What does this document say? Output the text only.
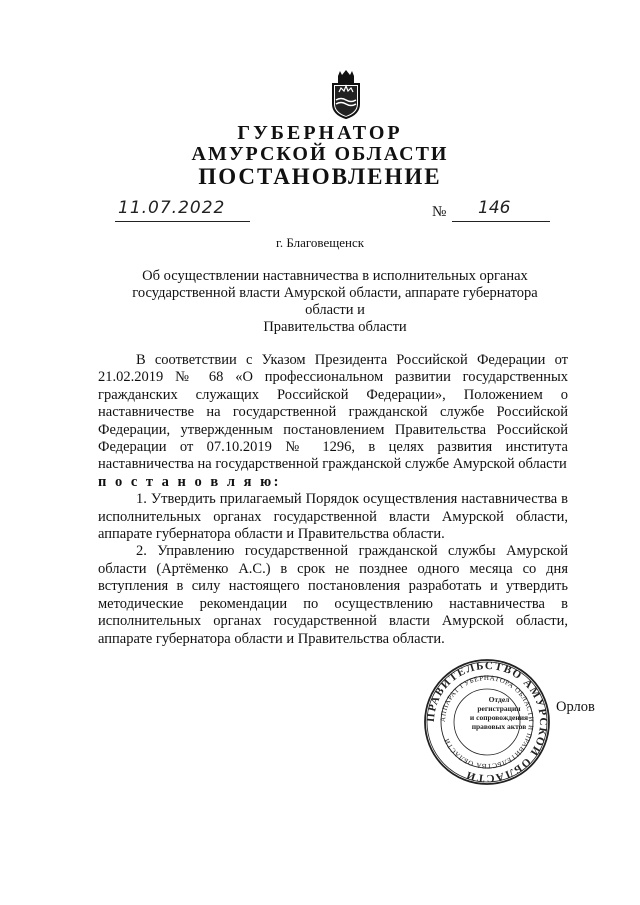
ГУБЕРНАТОР
АМУРСКОЙ ОБЛАСТИ
ПОСТАНОВЛЕНИЕ
11.07.2022	№ 146
г. Благовещенск
Об осуществлении наставничества в исполнительных органах
государственной власти Амурской области, аппарате губернатора области и
Правительства области

В соответствии с Указом Президента Российской Федерации от 21.02.2019 № 68 «О профессиональном развитии государственных гражданских служащих Российской Федерации», Положением о наставничестве на государственной гражданской службе Российской Федерации, утвержденным постановлением Правительства Российской Федерации от 07.10.2019 № 1296, в целях развития института наставничества на государственной гражданской службе Амурской области

п о с т а н о в л я ю:

1. Утвердить прилагаемый Порядок осуществления наставничества в исполнительных органах государственной власти Амурской области, аппарате губернатора области и Правительства области.

2. Управлению государственной гражданской службы Амурской области (Артёменко А.С.) в срок не позднее одного месяца со дня вступления в силу настоящего постановления разработать и утвердить методические рекомендации по осуществлению наставничества в исполнительных органах государственной власти Амурской области, аппарате губернатора области и Правительства области.

ПРАВИТЕЛЬСТВО АМУРСКОЙ ОБЛАСТИ
АППАРАТ ГУБЕРНАТОРА ОБЛАСТИ И ПРАВИТЕЛЬСТВА ОБЛАСТИ
Отдел
регистрации
и сопровождения
правовых актов
Орлов
